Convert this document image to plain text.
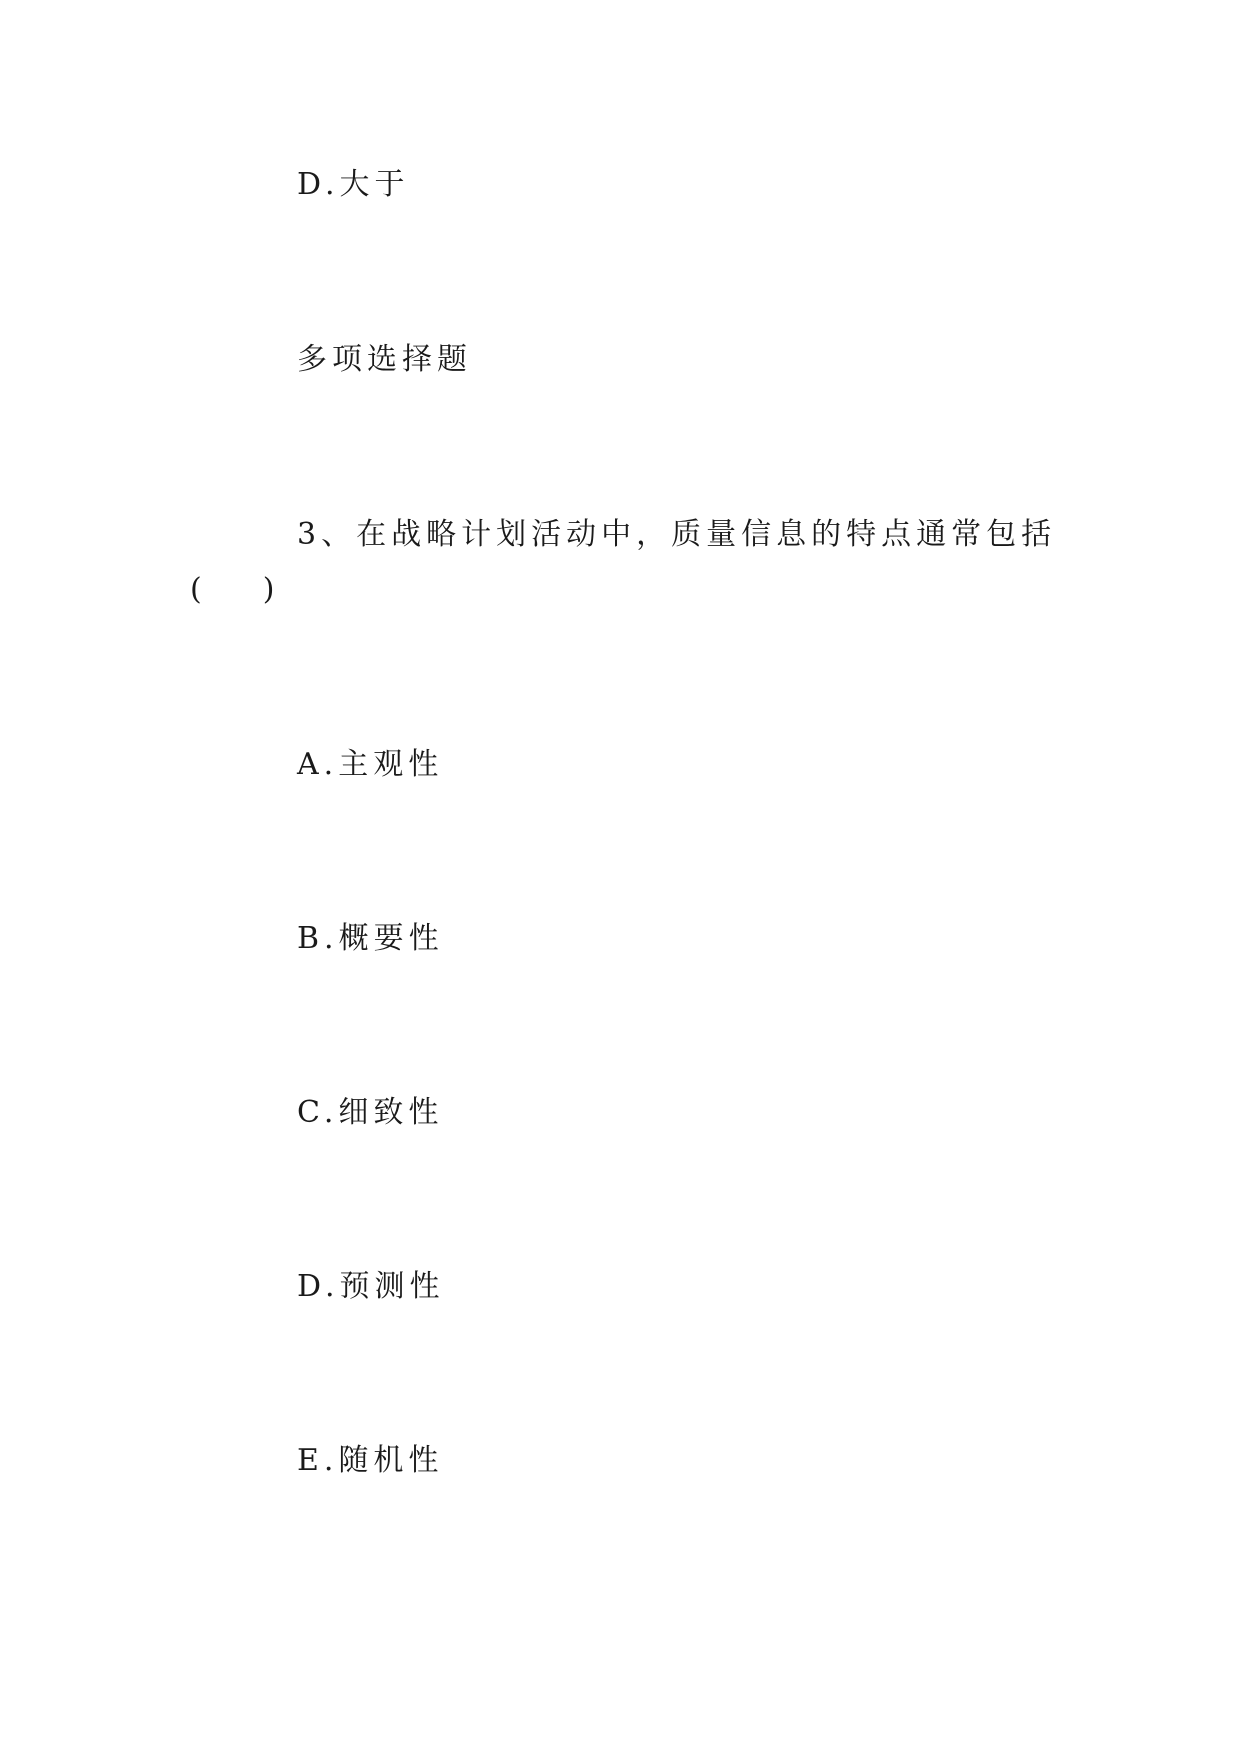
D.大于
多项选择题
3、在战略计划活动中，质量信息的特点通常包括
( )
A.主观性
B.概要性
C.细致性
D.预测性
E.随机性
